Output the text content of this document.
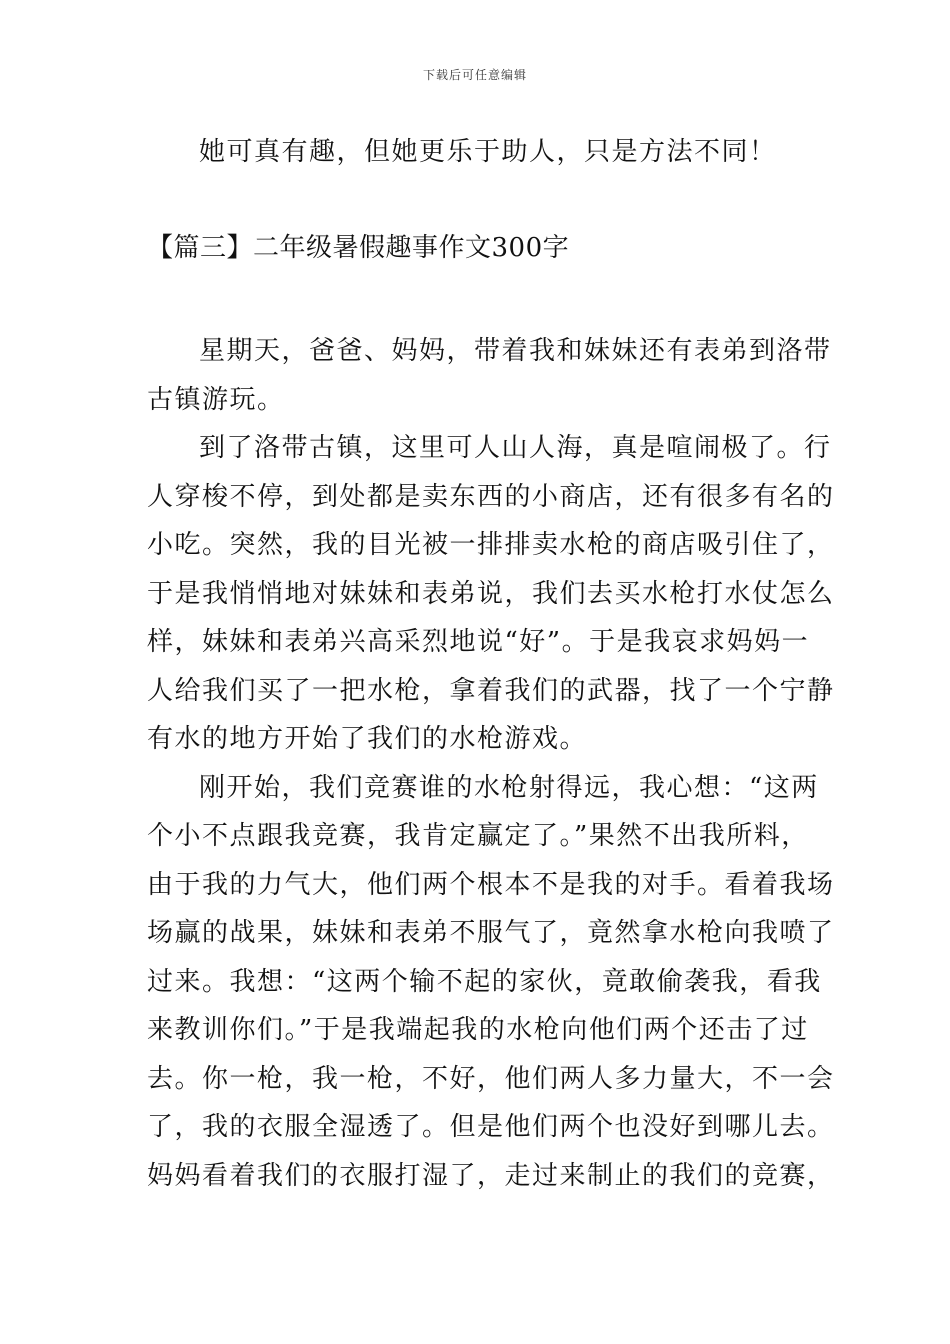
下载后可任意编辑
她可真有趣，但她更乐于助人，只是方法不同！
【篇三】二年级暑假趣事作文300字
星期天，爸爸、妈妈，带着我和妹妹还有表弟到洛带
古镇游玩。
到了洛带古镇，这里可人山人海，真是喧闹极了。行
人穿梭不停，到处都是卖东西的小商店，还有很多有名的
小吃。突然，我的目光被一排排卖水枪的商店吸引住了，
于是我悄悄地对妹妹和表弟说，我们去买水枪打水仗怎么
样，妹妹和表弟兴高采烈地说“好”。于是我哀求妈妈一
人给我们买了一把水枪，拿着我们的武器，找了一个宁静
有水的地方开始了我们的水枪游戏。
刚开始，我们竞赛谁的水枪射得远，我心想：“这两
个小不点跟我竞赛，我肯定赢定了。”果然不出我所料，
由于我的力气大，他们两个根本不是我的对手。看着我场
场赢的战果，妹妹和表弟不服气了，竟然拿水枪向我喷了
过来。我想：“这两个输不起的家伙，竟敢偷袭我，看我
来教训你们。”于是我端起我的水枪向他们两个还击了过
去。你一枪，我一枪，不好，他们两人多力量大，不一会
了，我的衣服全湿透了。但是他们两个也没好到哪儿去。
妈妈看着我们的衣服打湿了，走过来制止的我们的竞赛，
